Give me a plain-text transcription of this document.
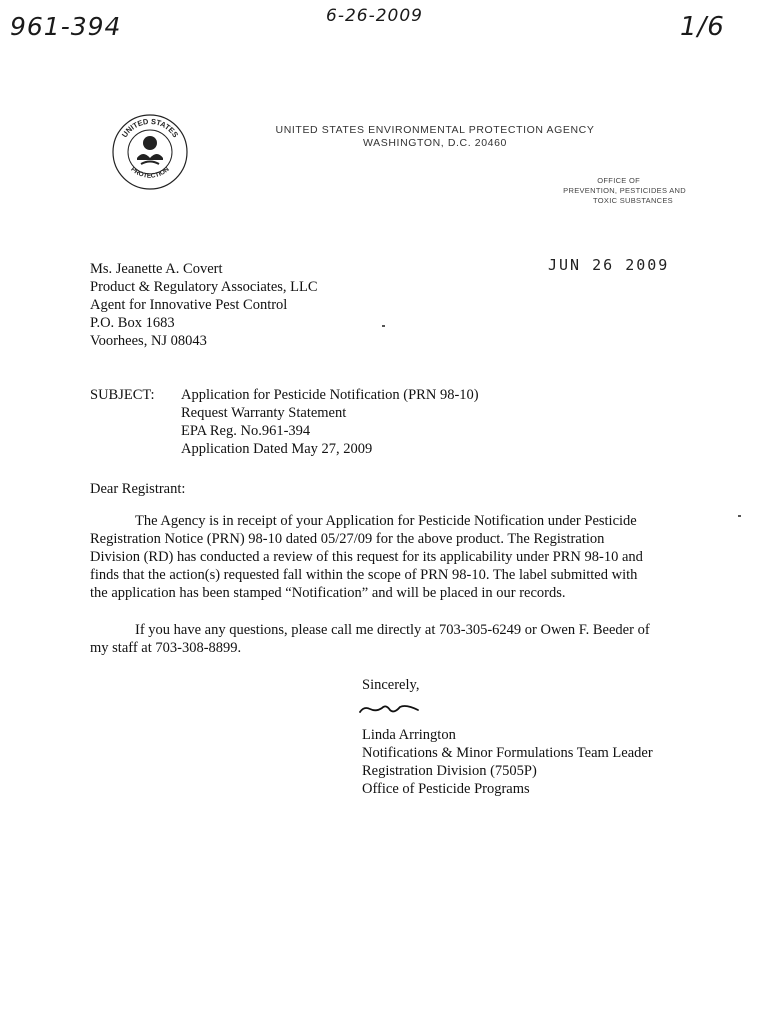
961-394	6-26-2009	1/6
UNITED STATES
PROTECTION
UNITED STATES ENVIRONMENTAL PROTECTION AGENCY
WASHINGTON, D.C. 20460
OFFICE OF
PREVENTION, PESTICIDES AND
TOXIC SUBSTANCES
JUN 26 2009
Ms. Jeanette A. Covert
Product & Regulatory Associates, LLC
Agent for Innovative Pest Control
P.O. Box 1683
Voorhees, NJ 08043
SUBJECT: Application for Pesticide Notification (PRN 98-10)
Request Warranty Statement
EPA Reg. No.961-394
Application Dated May 27, 2009
Dear Registrant:
The Agency is in receipt of your Application for Pesticide Notification under Pesticide
Registration Notice (PRN) 98-10 dated 05/27/09 for the above product. The Registration
Division (RD) has conducted a review of this request for its applicability under PRN 98-10 and
finds that the action(s) requested fall within the scope of PRN 98-10. The label submitted with
the application has been stamped “Notification” and will be placed in our records.
If you have any questions, please call me directly at 703-305-6249 or Owen F. Beeder of
my staff at 703-308-8899.
Sincerely,
Linda Arrington
Notifications & Minor Formulations Team Leader
Registration Division (7505P)
Office of Pesticide Programs
